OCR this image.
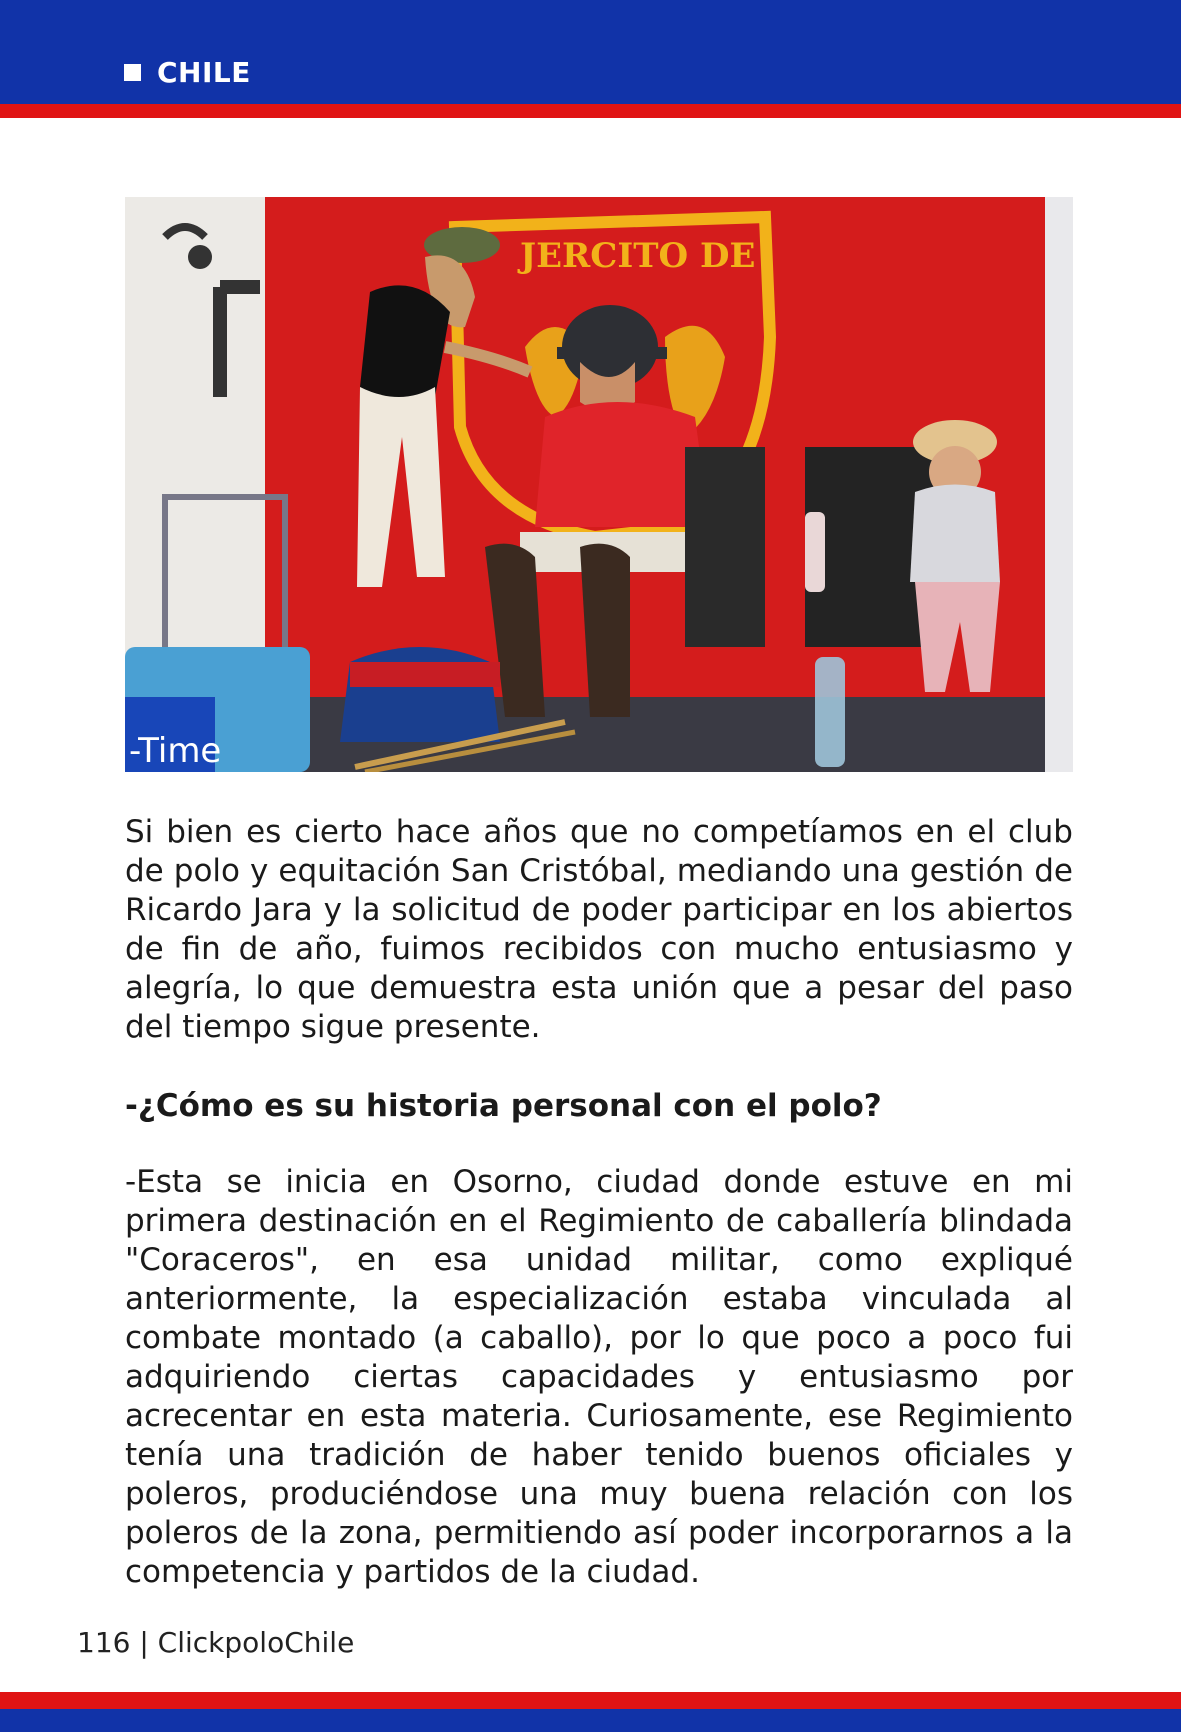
CHILE
JERCITO DE
-Time

Si bien es cierto hace años que no competíamos en el club de polo y equitación San Cristóbal, mediando una gestión de Ricardo Jara y la solicitud de poder participar en los abiertos de fin de año, fuimos recibidos con mucho entusiasmo y alegría, lo que demuestra esta unión que a pesar del paso del tiempo sigue presente.

-¿Cómo es su historia personal con el polo?

-Esta se inicia en Osorno, ciudad donde estuve en mi primera destinación en el Regimiento de caballería blindada "Coraceros", en esa unidad militar, como expliqué anteriormente, la especialización estaba vinculada al combate montado (a caballo), por lo que poco a poco fui adquiriendo ciertas capacidades y entusiasmo por acrecentar en esta materia. Curiosamente, ese Regimiento tenía una tradición de haber tenido buenos oficiales y poleros, produciéndose una muy buena relación con los poleros de la zona, permitiendo así poder incorporarnos a la competencia y partidos de la ciudad.

116 | ClickpoloChile
